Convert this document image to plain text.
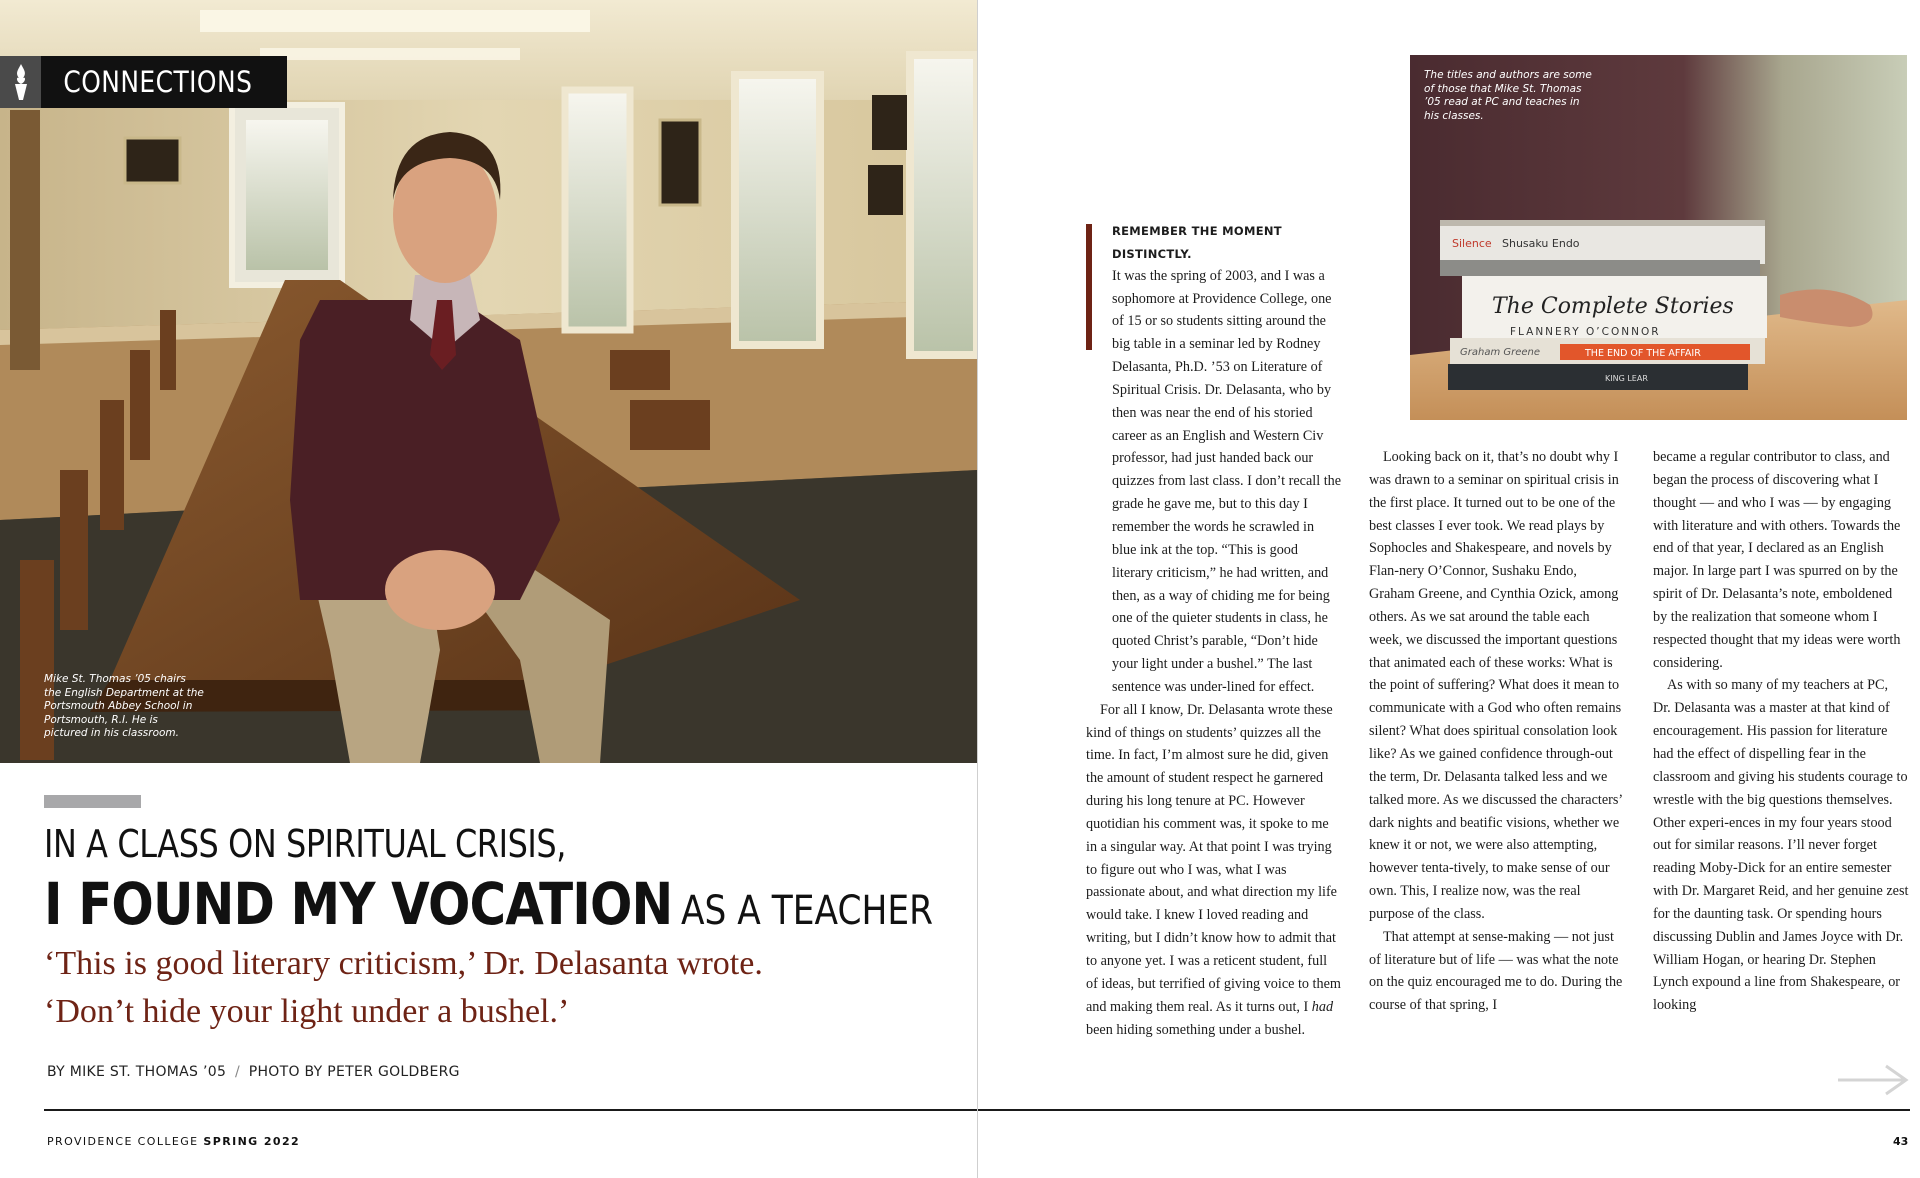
CONNECTIONS
Mike St. Thomas ’05 chairs the English Department at the Portsmouth Abbey School in Portsmouth, R.I. He is pictured in his classroom.
IN A CLASS ON SPIRITUAL CRISIS,
I FOUND MY VOCATION AS A TEACHER
‘This is good literary criticism,’ Dr. Delasanta wrote.
‘Don’t hide your light under a bushel.’
BY MIKE ST. THOMAS ’05 / PHOTO BY PETER GOLDBERG
PROVIDENCE COLLEGE SPRING 2022
Silence Shusaku Endo
The Complete Stories
FLANNERY O’CONNOR
Graham Greene	THE END OF THE AFFAIR
KING LEAR
The titles and authors are some of those that Mike St. Thomas ’05 read at PC and teaches in his classes.

REMEMBER THE MOMENT DISTINCTLY.

It was the spring of 2003, and I was a sophomore at Providence College, one of 15 or so students sitting around the big table in a seminar led by Rodney Delasanta, Ph.D. ’53 on Literature of Spiritual Crisis. Dr. Delasanta, who by then was near the end of his storied career as an English and Western Civ professor, had just handed back our quizzes from last class. I don’t recall the grade he gave me, but to this day I remember the words he scrawled in blue ink at the top. “This is good literary criticism,” he had written, and then, as a way of chiding me for being one of the quieter students in class, he quoted Christ’s parable, “Don’t hide your light under a bushel.” The last sentence was under-lined for effect.

For all I know, Dr. Delasanta wrote these kind of things on students’ quizzes all the time. In fact, I’m almost sure he did, given the amount of student respect he garnered during his long tenure at PC. However quotidian his comment was, it spoke to me in a singular way. At that point I was trying to figure out who I was, what I was passionate about, and what direction my life would take. I knew I loved reading and writing, but I didn’t know how to admit that to anyone yet. I was a reticent student, full of ideas, but terrified of giving voice to them and making them real. As it turns out, I had been hiding something under a bushel.

Looking back on it, that’s no doubt why I was drawn to a seminar on spiritual crisis in the first place. It turned out to be one of the best classes I ever took. We read plays by Sophocles and Shakespeare, and novels by Flan-nery O’Connor, Sushaku Endo, Graham Greene, and Cynthia Ozick, among others. As we sat around the table each week, we discussed the important questions that animated each of these works: What is the point of suffering? What does it mean to communicate with a God who often remains silent? What does spiritual consolation look like? As we gained confidence through-out the term, Dr. Delasanta talked less and we talked more. As we discussed the characters’ dark nights and beatific visions, whether we knew it or not, we were also attempting, however tenta-tively, to make sense of our own. This, I realize now, was the real purpose of the class.

That attempt at sense-making — not just of literature but of life — was what the note on the quiz encouraged me to do. During the course of that spring, I

became a regular contributor to class, and began the process of discovering what I thought — and who I was — by engaging with literature and with others. Towards the end of that year, I declared as an English major. In large part I was spurred on by the spirit of Dr. Delasanta’s note, emboldened by the realization that someone whom I respected thought that my ideas were worth considering.

As with so many of my teachers at PC, Dr. Delasanta was a master at that kind of encouragement. His passion for literature had the effect of dispelling fear in the classroom and giving his students courage to wrestle with the big questions themselves. Other experi-ences in my four years stood out for similar reasons. I’ll never forget reading Moby-Dick for an entire semester with Dr. Margaret Reid, and her genuine zest for the daunting task. Or spending hours discussing Dublin and James Joyce with Dr. William Hogan, or hearing Dr. Stephen Lynch expound a line from Shakespeare, or looking

43
